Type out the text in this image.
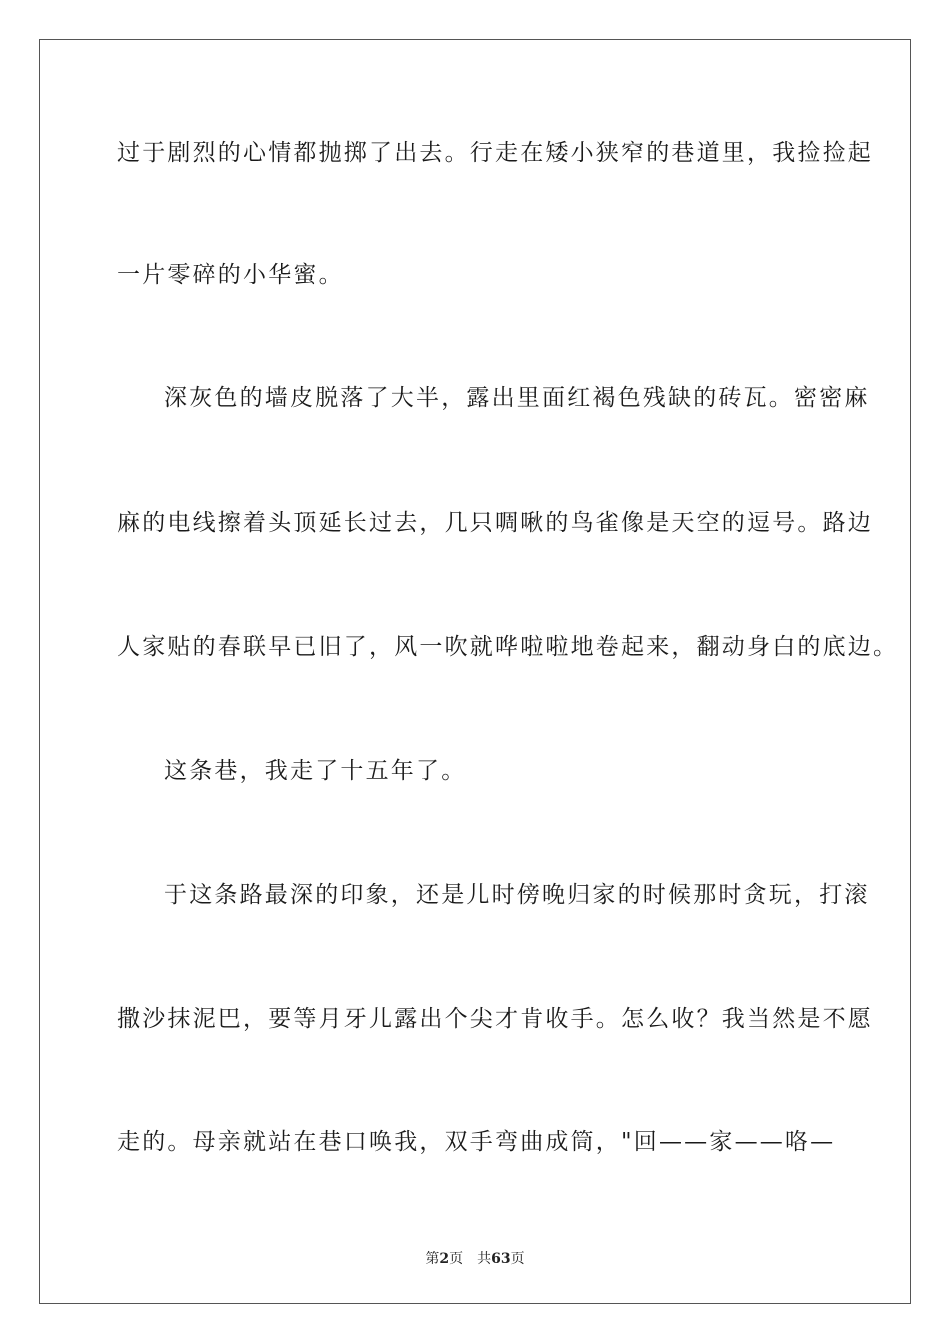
过于剧烈的心情都抛掷了出去。行走在矮小狭窄的巷道里，我捡捡起
一片零碎的小华蜜。
深灰色的墙皮脱落了大半，露出里面红褐色残缺的砖瓦。密密麻
麻的电线擦着头顶延长过去，几只啁啾的鸟雀像是天空的逗号。路边
人家贴的春联早已旧了，风一吹就哗啦啦地卷起来，翻动身白的底边。
这条巷，我走了十五年了。
于这条路最深的印象，还是儿时傍晚归家的时候那时贪玩，打滚
撒沙抹泥巴，要等月牙儿露出个尖才肯收手。怎么收？我当然是不愿
走的。母亲就站在巷口唤我，双手弯曲成筒，"回——家——咯—
第2页 共63页
